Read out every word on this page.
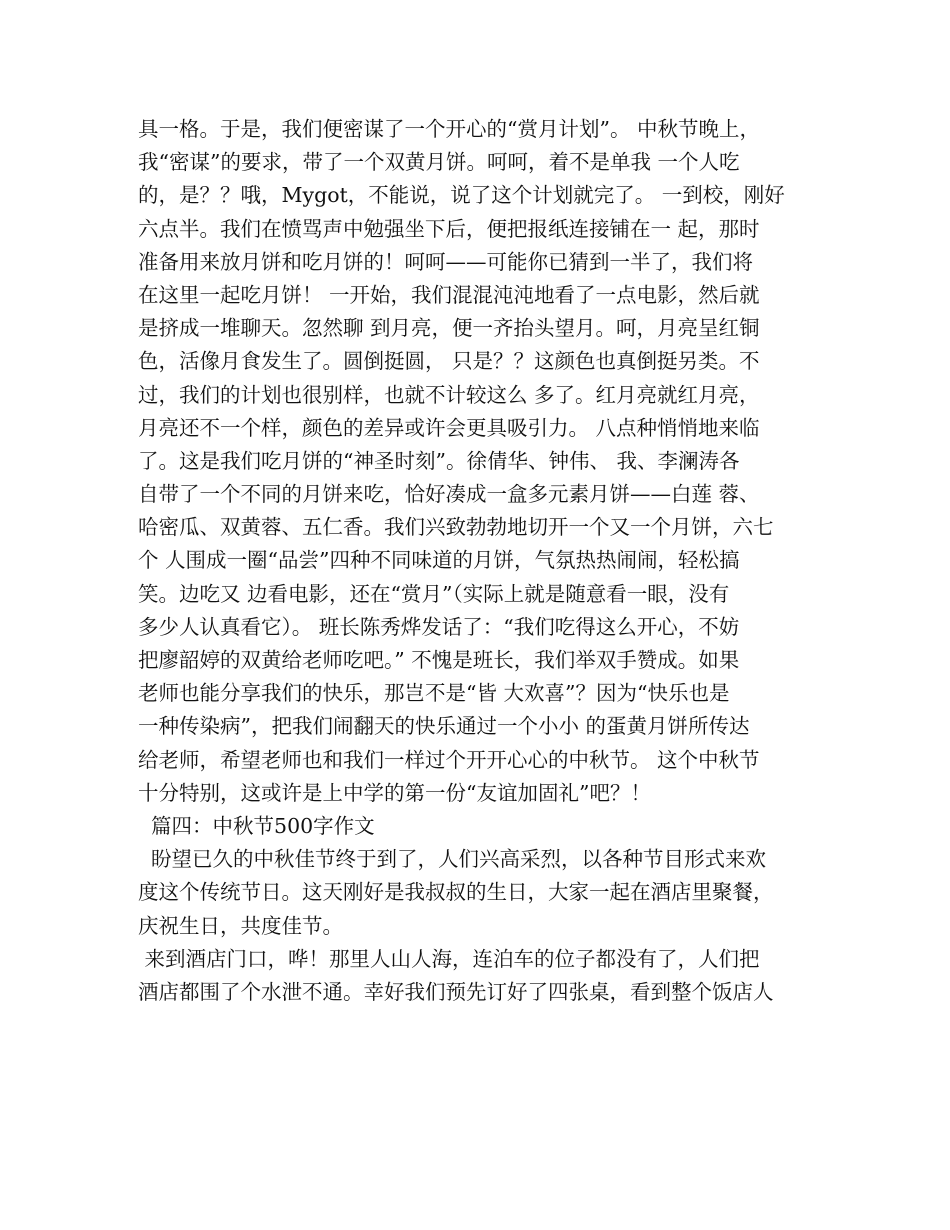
具一格。于是，我们便密谋了一个开心的“赏月计划”。 中秋节晚上，
我“密谋”的要求，带了一个双黄月饼。呵呵，着不是单我 一个人吃
的，是？？哦，Mygot，不能说，说了这个计划就完了。 一到校，刚好
六点半。我们在愤骂声中勉强坐下后，便把报纸连接铺在一 起，那时
准备用来放月饼和吃月饼的！呵呵——可能你已猜到一半了，我们将
在这里一起吃月饼！ 一开始，我们混混沌沌地看了一点电影，然后就
是挤成一堆聊天。忽然聊 到月亮，便一齐抬头望月。呵，月亮呈红铜
色，活像月食发生了。圆倒挺圆， 只是？？这颜色也真倒挺另类。不
过，我们的计划也很别样，也就不计较这么 多了。红月亮就红月亮，
月亮还不一个样，颜色的差异或许会更具吸引力。 八点种悄悄地来临
了。这是我们吃月饼的“神圣时刻”。徐倩华、钟伟、 我、李澜涛各
自带了一个不同的月饼来吃，恰好凑成一盒多元素月饼——白莲 蓉、
哈密瓜、双黄蓉、五仁香。我们兴致勃勃地切开一个又一个月饼，六七
个 人围成一圈“品尝”四种不同味道的月饼，气氛热热闹闹，轻松搞
笑。边吃又 边看电影，还在“赏月”（实际上就是随意看一眼，没有
多少人认真看它）。 班长陈秀烨发话了：“我们吃得这么开心，不妨
把廖韶婷的双黄给老师吃吧。” 不愧是班长，我们举双手赞成。如果
老师也能分享我们的快乐，那岂不是“皆 大欢喜”？因为“快乐也是
一种传染病”，把我们闹翻天的快乐通过一个小小 的蛋黄月饼所传达
给老师，希望老师也和我们一样过个开开心心的中秋节。 这个中秋节
十分特别，这或许是上中学的第一份“友谊加固礼”吧？！
篇四：中秋节500字作文
盼望已久的中秋佳节终于到了，人们兴高采烈，以各种节目形式来欢
度这个传统节日。这天刚好是我叔叔的生日，大家一起在酒店里聚餐，
庆祝生日，共度佳节。
来到酒店门口，哗！那里人山人海，连泊车的位子都没有了，人们把
酒店都围了个水泄不通。幸好我们预先订好了四张桌，看到整个饭店人
